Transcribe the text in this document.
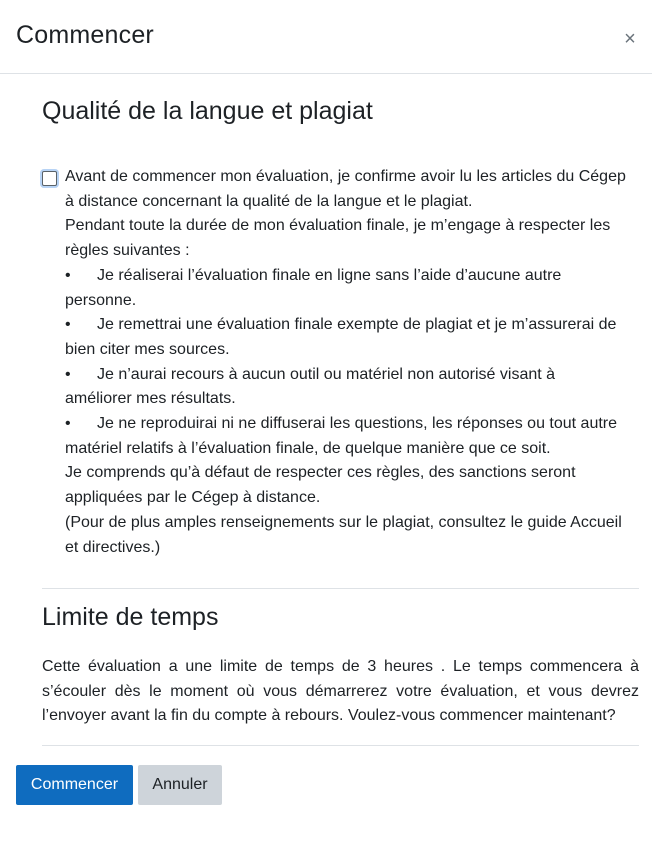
Commencer	×
Qualité de la langue et plagiat
Avant de commencer mon évaluation, je confirme avoir lu les articles du Cégep
à distance concernant la qualité de la langue et le plagiat.
Pendant toute la durée de mon évaluation finale, je m’engage à respecter les
règles suivantes :
• Je réaliserai l’évaluation finale en ligne sans l’aide d’aucune autre
personne.
• Je remettrai une évaluation finale exempte de plagiat et je m’assurerai de
bien citer mes sources.
• Je n’aurai recours à aucun outil ou matériel non autorisé visant à
améliorer mes résultats.
• Je ne reproduirai ni ne diffuserai les questions, les réponses ou tout autre
matériel relatifs à l’évaluation finale, de quelque manière que ce soit.
Je comprends qu’à défaut de respecter ces règles, des sanctions seront
appliquées par le Cégep à distance.
(Pour de plus amples renseignements sur le plagiat, consultez le guide Accueil
et directives.)
Limite de temps
Cette évaluation a une limite de temps de 3 heures . Le temps commencera à
s’écouler dès le moment où vous démarrerez votre évaluation, et vous devrez
l’envoyer avant la fin du compte à rebours. Voulez-vous commencer maintenant?
Commencer	Annuler
